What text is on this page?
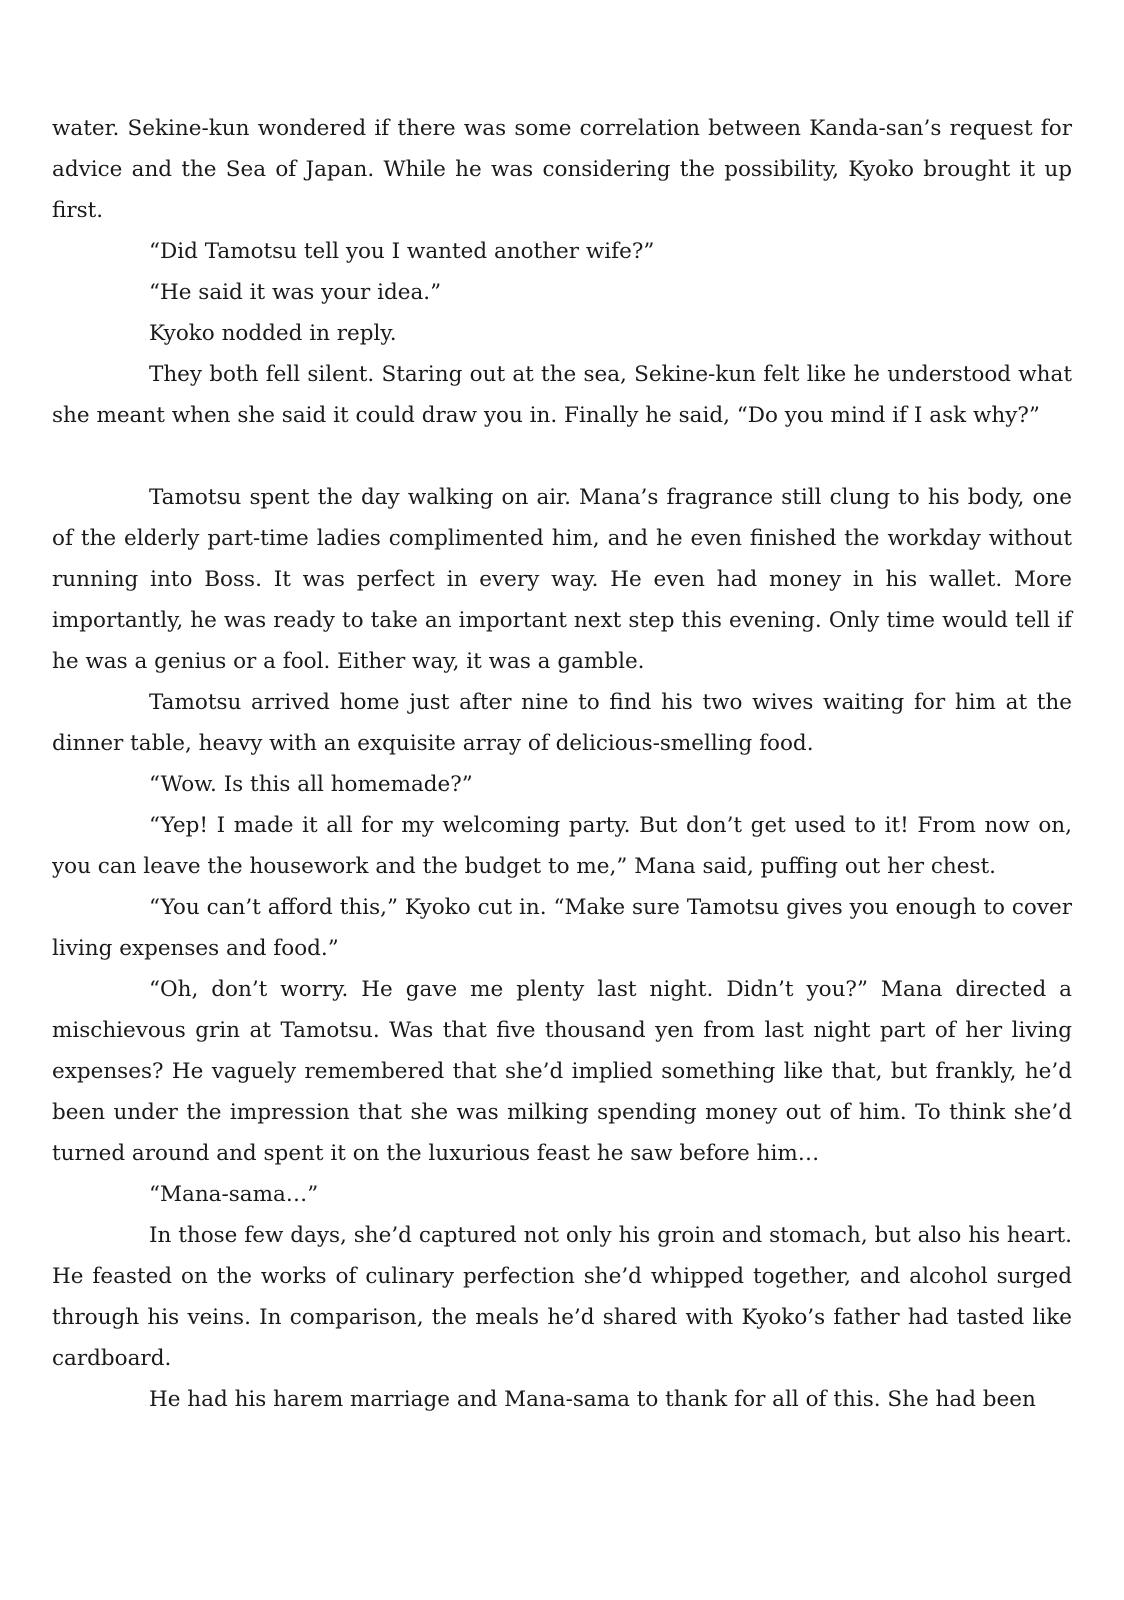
water. Sekine-kun wondered if there was some correlation between Kanda-san’s request for advice and the Sea of Japan. While he was considering the possibility, Kyoko brought it up first.

“Did Tamotsu tell you I wanted another wife?”

“He said it was your idea.”

Kyoko nodded in reply.

They both fell silent. Staring out at the sea, Sekine-kun felt like he understood what she meant when she said it could draw you in. Finally he said, “Do you mind if I ask why?”

Tamotsu spent the day walking on air. Mana’s fragrance still clung to his body, one of the elderly part-time ladies complimented him, and he even finished the workday without running into Boss. It was perfect in every way. He even had money in his wallet. More importantly, he was ready to take an important next step this evening. Only time would tell if he was a genius or a fool. Either way, it was a gamble.

Tamotsu arrived home just after nine to find his two wives waiting for him at the dinner table, heavy with an exquisite array of delicious-smelling food.

“Wow. Is this all homemade?”

“Yep! I made it all for my welcoming party. But don’t get used to it! From now on, you can leave the housework and the budget to me,” Mana said, puffing out her chest.

“You can’t afford this,” Kyoko cut in. “Make sure Tamotsu gives you enough to cover living expenses and food.”

“Oh, don’t worry. He gave me plenty last night. Didn’t you?” Mana directed a mischievous grin at Tamotsu. Was that five thousand yen from last night part of her living expenses? He vaguely remembered that she’d implied something like that, but frankly, he’d been under the impression that she was milking spending money out of him. To think she’d turned around and spent it on the luxurious feast he saw before him…

“Mana-sama…”

In those few days, she’d captured not only his groin and stomach, but also his heart. He feasted on the works of culinary perfection she’d whipped together, and alcohol surged through his veins. In comparison, the meals he’d shared with Kyoko’s father had tasted like cardboard.

He had his harem marriage and Mana-sama to thank for all of this. She had been
